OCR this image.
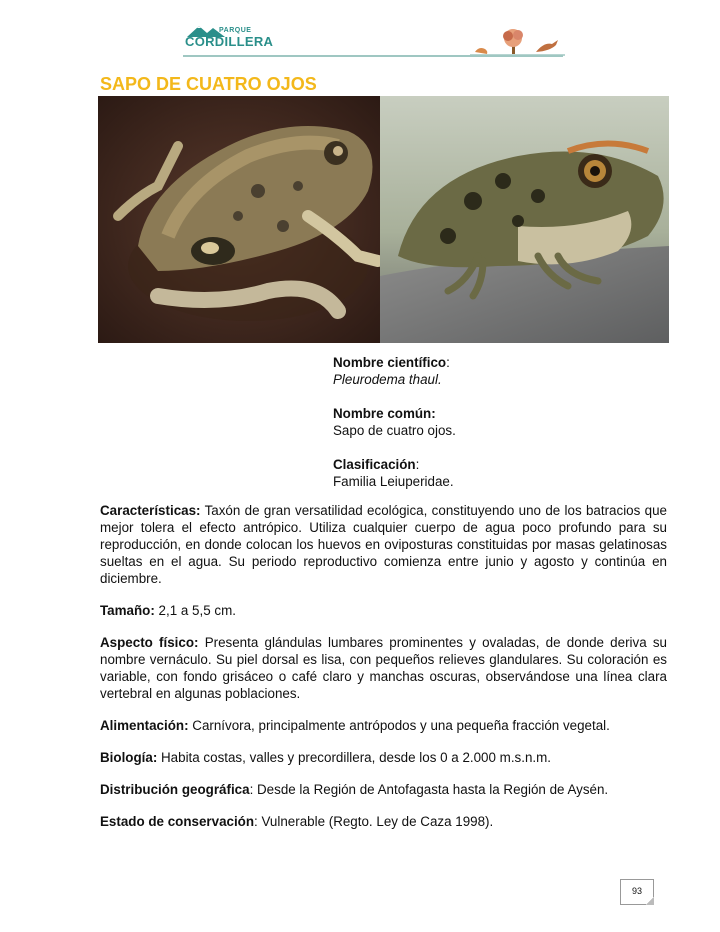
PARQUE
CORDILLERA
SAPO DE CUATRO OJOS
Nombre científico:
Pleurodema thaul.
Nombre común:
Sapo de cuatro ojos.
Clasificación:
Familia Leiuperidae.

Características: Taxón de gran versatilidad ecológica, constituyendo uno de los batracios que mejor tolera el efecto antrópico. Utiliza cualquier cuerpo de agua poco profundo para su reproducción, en donde colocan los huevos en oviposturas constituidas por masas gelatinosas sueltas en el agua. Su periodo reproductivo comienza entre junio y agosto y continúa en diciembre.

Tamaño: 2,1 a 5,5 cm.

Aspecto físico: Presenta glándulas lumbares prominentes y ovaladas, de donde deriva su nombre vernáculo. Su piel dorsal es lisa, con pequeños relieves glandulares. Su coloración es variable, con fondo grisáceo o café claro y manchas oscuras, observándose una línea clara vertebral en algunas poblaciones.

Alimentación: Carnívora, principalmente antrópodos y una pequeña fracción vegetal.

Biología: Habita costas, valles y precordillera, desde los 0 a 2.000 m.s.n.m.

Distribución geográfica: Desde la Región de Antofagasta hasta la Región de Aysén.

Estado de conservación: Vulnerable (Regto. Ley de Caza 1998).

93
